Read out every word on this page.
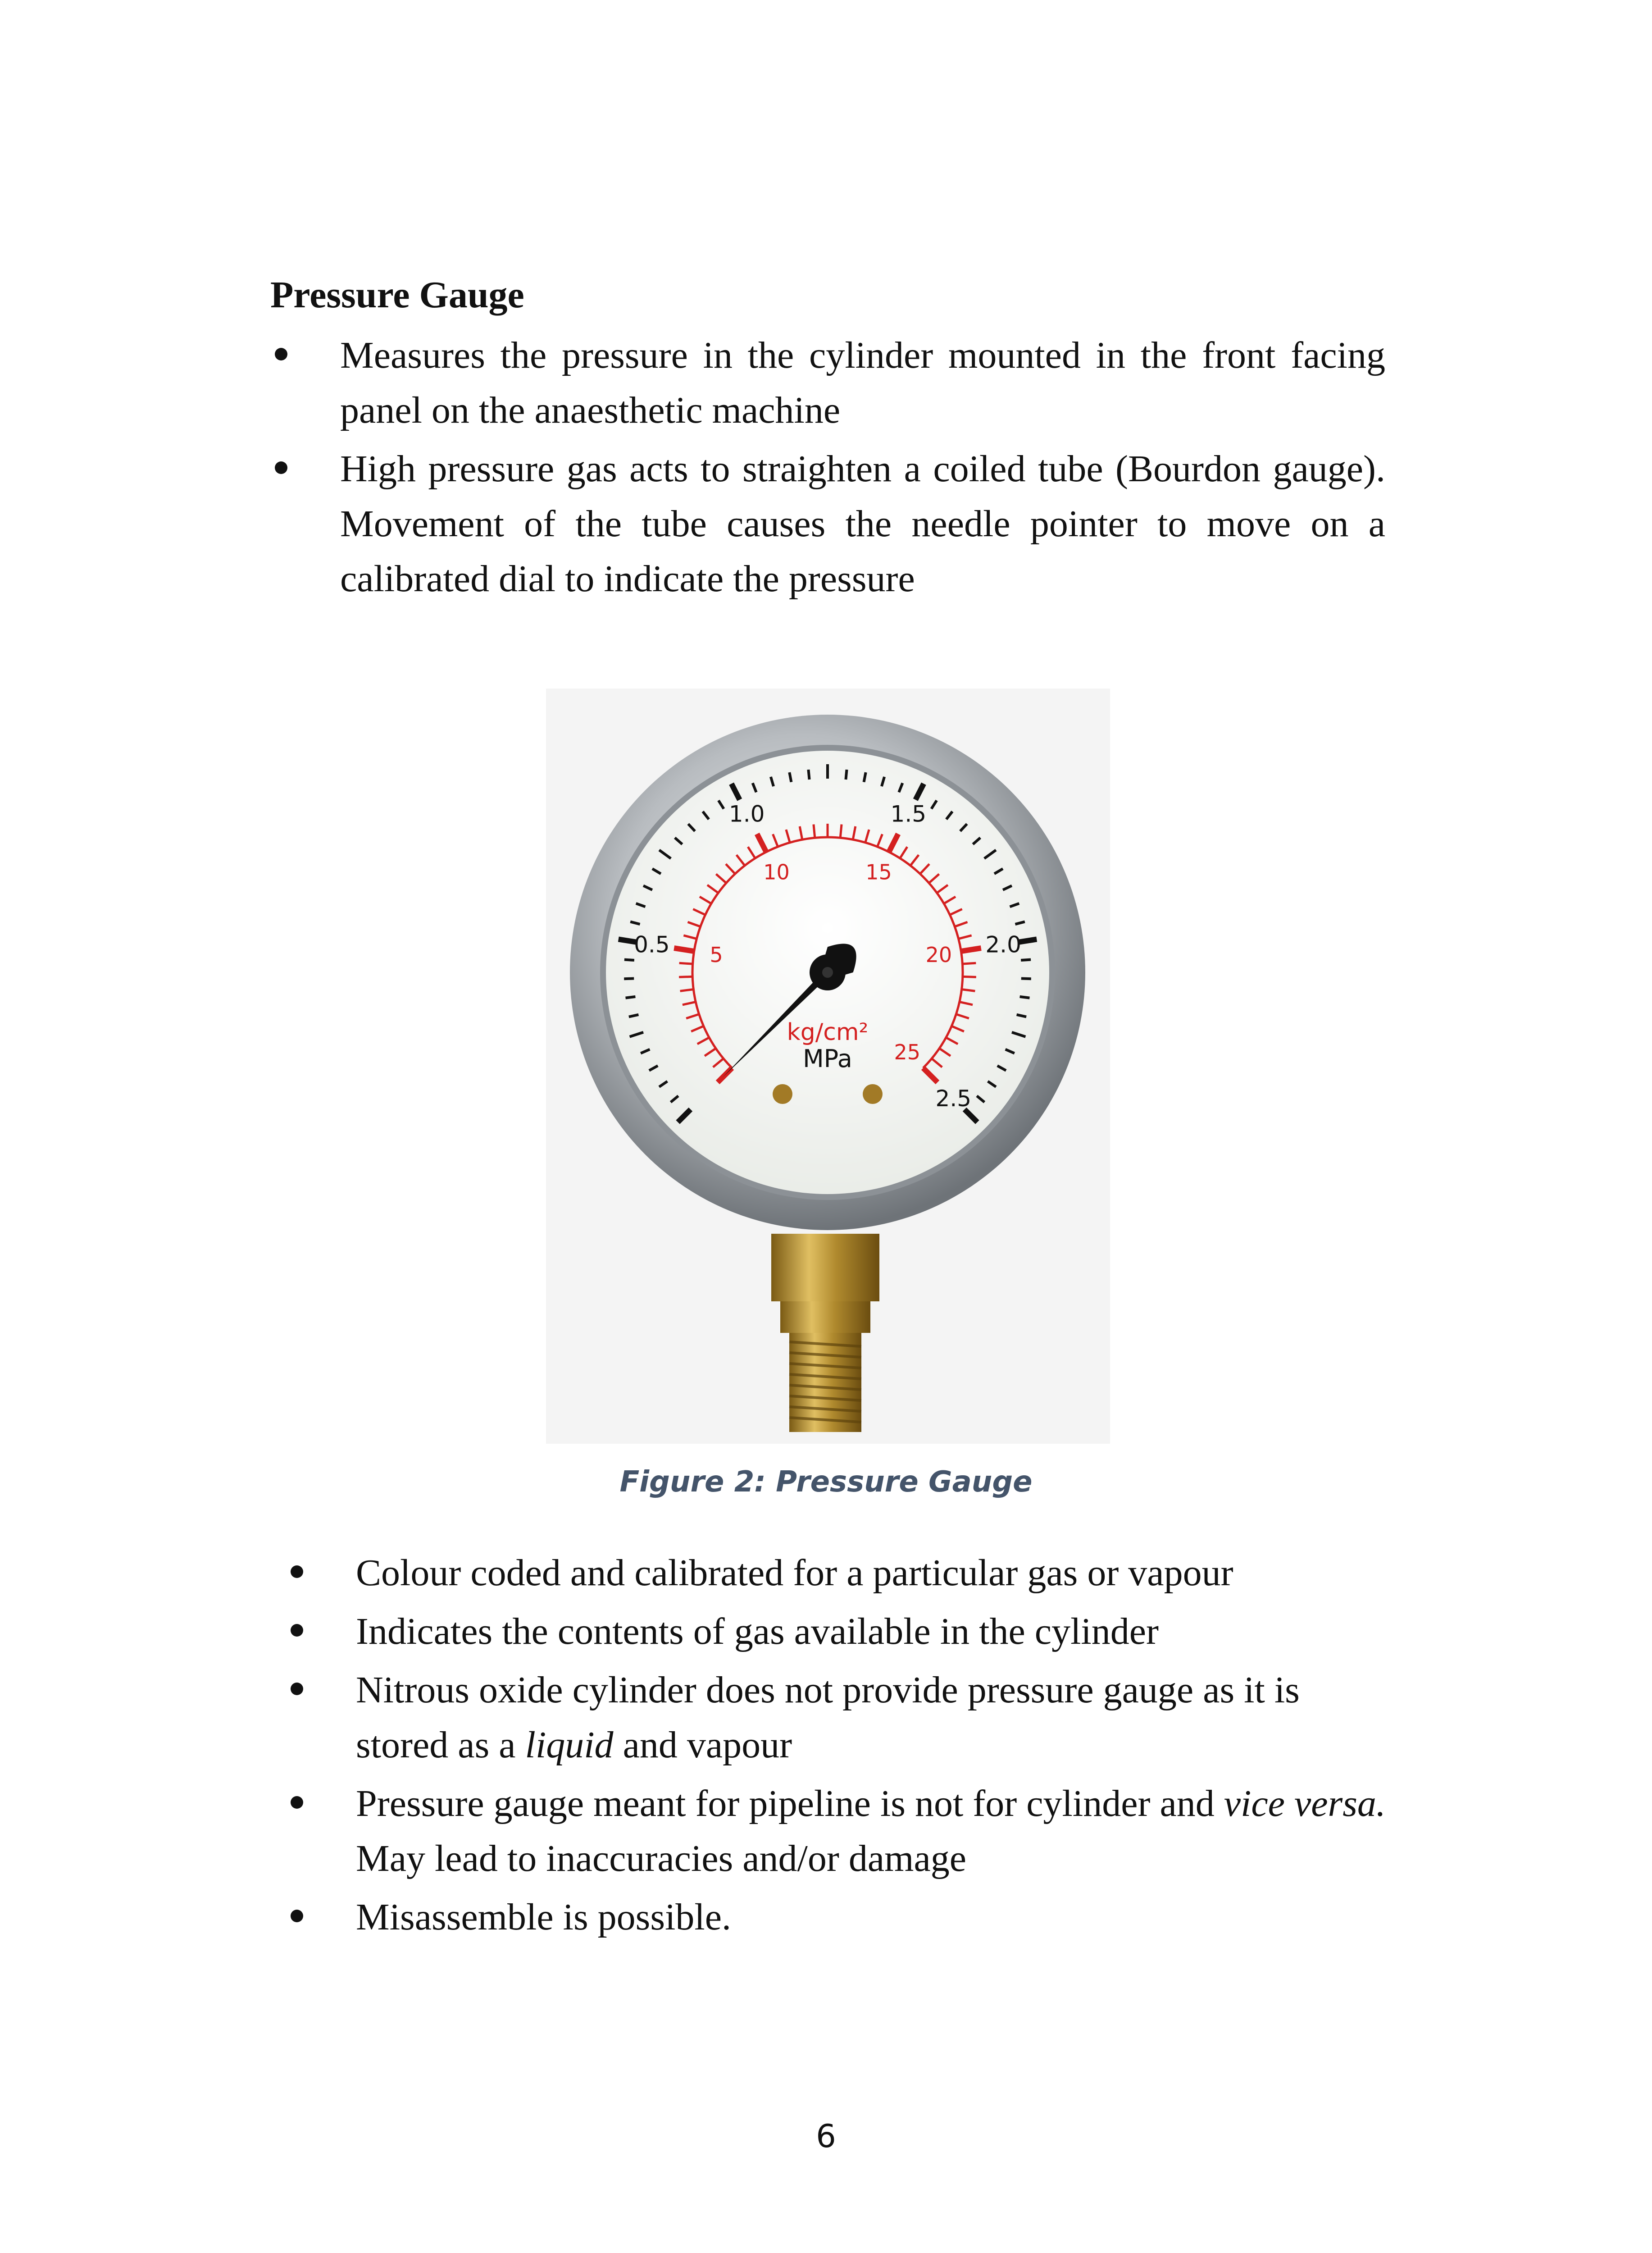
Pressure Gauge
Measures the pressure in the cylinder mounted in the front facing panel on the anaesthetic machine
High pressure gas acts to straighten a coiled tube (Bourdon gauge). Movement of the tube causes the needle pointer to move on a calibrated dial to indicate the pressure
0.5
1.0	1.5
2.0
2.5
5
10	15
20
25
kg/cm²
MPa
Figure 2: Pressure Gauge
Colour coded and calibrated for a particular gas or vapour
Indicates the contents of gas available in the cylinder
Nitrous oxide cylinder does not provide pressure gauge as it is stored as a liquid and vapour
Pressure gauge meant for pipeline is not for cylinder and vice versa. May lead to inaccuracies and/or damage
Misassemble is possible.
6
